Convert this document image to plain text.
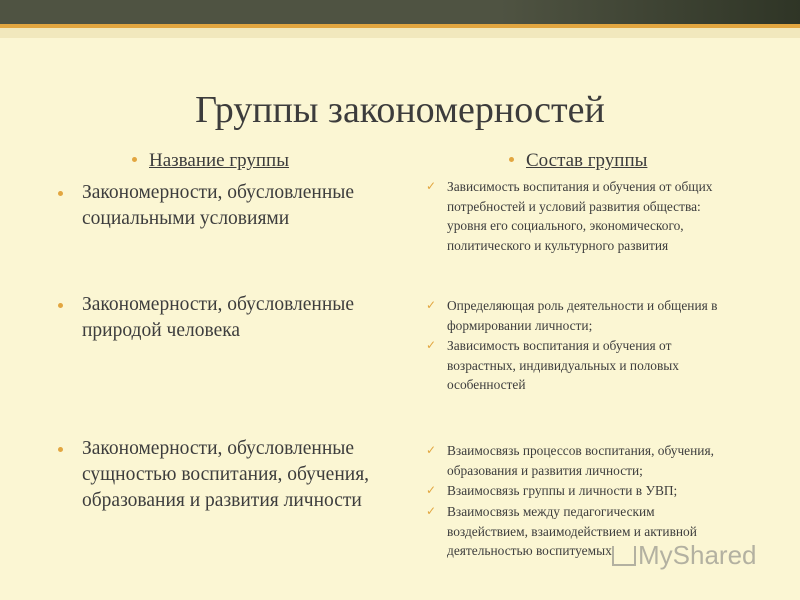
Группы закономерностей
Название группы	Состав группы
Закономерности, обусловленные социальными условиями
Закономерности, обусловленные природой человека
Закономерности, обусловленные сущностью воспитания, обучения, образования и развития личности
✓ Зависимость воспитания и обучения от общих потребностей и условий развития общества: уровня его социального, экономического, политического и культурного развития
✓ Определяющая роль деятельности и общения в формировании личности;
✓ Зависимость воспитания и обучения от возрастных, индивидуальных и половых особенностей
✓ Взаимосвязь процессов воспитания, обучения, образования и развития личности;
✓ Взаимосвязь группы и личности в УВП;
✓ Взаимосвязь между педагогическим воздействием, взаимодействием и активной деятельностью воспитуемых	MyShared
